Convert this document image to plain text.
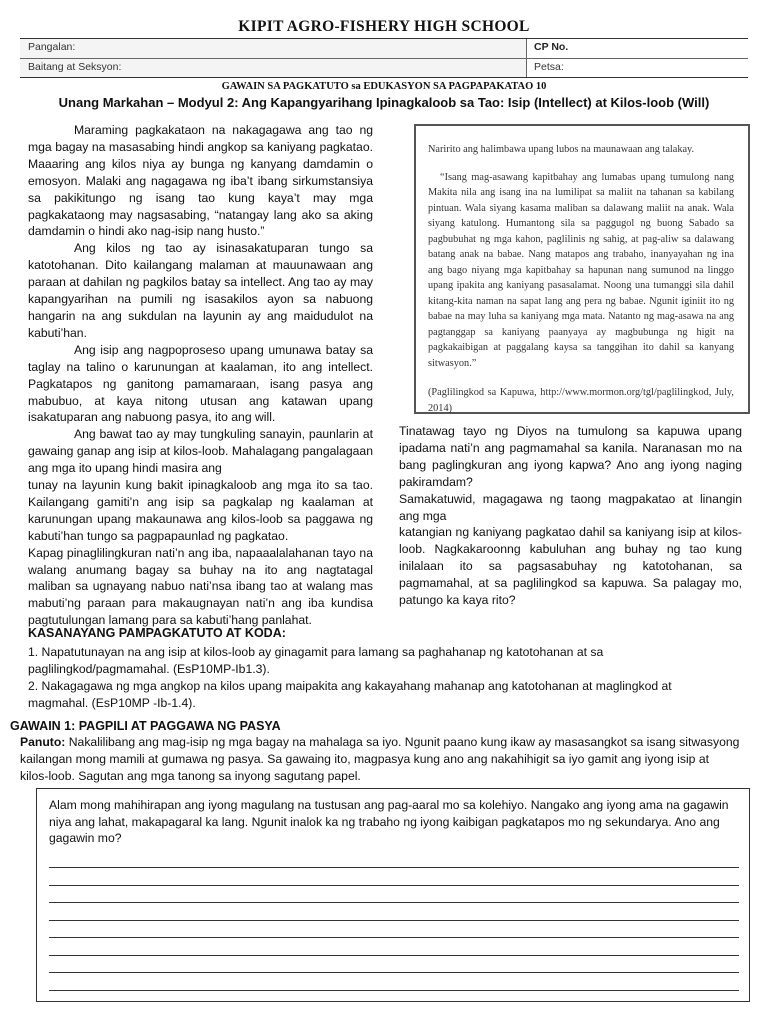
KIPIT AGRO-FISHERY HIGH SCHOOL
Pangalan:	CP No.
Baitang at Seksyon:	Petsa:
GAWAIN SA PAGKATUTO sa EDUKASYON SA PAGPAPAKATAO 10
Unang Markahan – Modyul 2: Ang Kapangyarihang Ipinagkaloob sa Tao: Isip (Intellect) at Kilos-loob (Will)

Maraming pagkakataon na nakagagawa ang tao ng mga bagay na masasabing hindi angkop sa kaniyang pagkatao. Maaaring ang kilos niya ay bunga ng kanyang damdamin o emosyon. Malaki ang nagagawa ng iba’t ibang sirkumstansiya sa pakikitungo ng isang tao kung kaya’t may mga pagkakataong may nagsasabing, “natangay lang ako sa aking damdamin o hindi ako nag-isip nang husto.”

Ang kilos ng tao ay isinasakatuparan tungo sa katotohanan. Dito kailangang malaman at mauunawaan ang paraan at dahilan ng pagkilos batay sa intellect. Ang tao ay may kapangyarihan na pumili ng isasakilos ayon sa nabuong hangarin na ang sukdulan na layunin ay ang maidudulot na kabuti’han.

Ang isip ang nagpoproseso upang umunawa batay sa taglay na talino o karunungan at kaalaman, ito ang intellect. Pagkatapos ng ganitong pamamaraan, isang pasya ang mabubuo, at kaya nitong utusan ang katawan upang isakatuparan ang nabuong pasya, ito ang will.

Ang bawat tao ay may tungkuling sanayin, paunlarin at gawaing ganap ang isip at kilos-loob. Mahalagang pangalagaan ang mga ito upang hindi masira ang

tunay na layunin kung bakit ipinagkaloob ang mga ito sa tao. Kailangang gamiti’n ang isip sa pagkalap ng kaalaman at karunungan upang makaunawa ang kilos-loob sa paggawa ng kabuti’han tungo sa pagpapaunlad ng pagkatao.

Kapag pinaglilingkuran nati’n ang iba, napaaalalahanan tayo na walang anumang bagay sa buhay na ito ang nagtatagal maliban sa ugnayang nabuo nati’nsa ibang tao at walang mas mabuti’ng paraan para makaugnayan nati’n ang iba kundisa pagtutulungan lamang para sa kabuti’hang panlahat.

Naririto ang halimbawa upang lubos na maunawaan ang talakay.

“Isang mag-asawang kapitbahay ang lumabas upang tumulong nang Makita nila ang isang ina na lumilipat sa maliit na tahanan sa kabilang pintuan. Wala siyang kasama maliban sa dalawang maliit na anak. Wala siyang katulong. Humantong sila sa paggugol ng buong Sabado sa pagbubuhat ng mga kahon, paglilinis ng sahig, at pag-aliw sa dalawang batang anak na babae. Nang matapos ang trabaho, inanyayahan ng ina ang bago niyang mga kapitbahay sa hapunan nang sumunod na linggo upang ipakita ang kaniyang pasasalamat. Noong una tumanggi sila dahil kitang-kita naman na sapat lang ang pera ng babae. Ngunit iginiit ito ng babae na may luha sa kaniyang mga mata. Natanto ng mag-asawa na ang pagtanggap sa kaniyang paanyaya ay magbubunga ng higit na pagkakaibigan at paggalang kaysa sa tanggihan ito dahil sa kanyang sitwasyon.”

(Paglilingkod sa Kapuwa, http://www.mormon.org/tgl/paglilingkod, July, 2014)

Tinatawag tayo ng Diyos na tumulong sa kapuwa upang ipadama nati’n ang pagmamahal sa kanila. Naranasan mo na bang paglingkuran ang iyong kapwa? Ano ang iyong naging pakiramdam?

Samakatuwid, magagawa ng taong magpakatao at linangin ang mga

katangian ng kaniyang pagkatao dahil sa kaniyang isip at kilos-loob. Nagkakaroonng kabuluhan ang buhay ng tao kung inilalaan ito sa pagsasabuhay ng katotohanan, sa pagmamahal, at sa paglilingkod sa kapuwa. Sa palagay mo, patungo ka kaya rito?

KASANAYANG PAMPAGKATUTO AT KODA:

1. Napatutunayan na ang isip at kilos-loob ay ginagamit para lamang sa paghahanap ng katotohanan at sa paglilingkod/pagmamahal. (EsP10MP-Ib1.3).

2. Nakagagawa ng mga angkop na kilos upang maipakita ang kakayahang mahanap ang katotohanan at maglingkod at magmahal. (EsP10MP -Ib-1.4).

GAWAIN 1: PAGPILI AT PAGGAWA NG PASYA

Panuto: Nakalilibang ang mag-isip ng mga bagay na mahalaga sa iyo. Ngunit paano kung ikaw ay masasangkot sa isang sitwasyong kailangan mong mamili at gumawa ng pasya. Sa gawaing ito, magpasya kung ano ang nakahihigit sa iyo gamit ang iyong isip at kilos-loob. Sagutan ang mga tanong sa inyong sagutang papel.

Alam mong mahihirapan ang iyong magulang na tustusan ang pag-aaral mo sa kolehiyo. Nangako ang iyong ama na gagawin niya ang lahat, makapagaral ka lang. Ngunit inalok ka ng trabaho ng iyong kaibigan pagkatapos mo ng sekundarya. Ano ang gagawin mo?
